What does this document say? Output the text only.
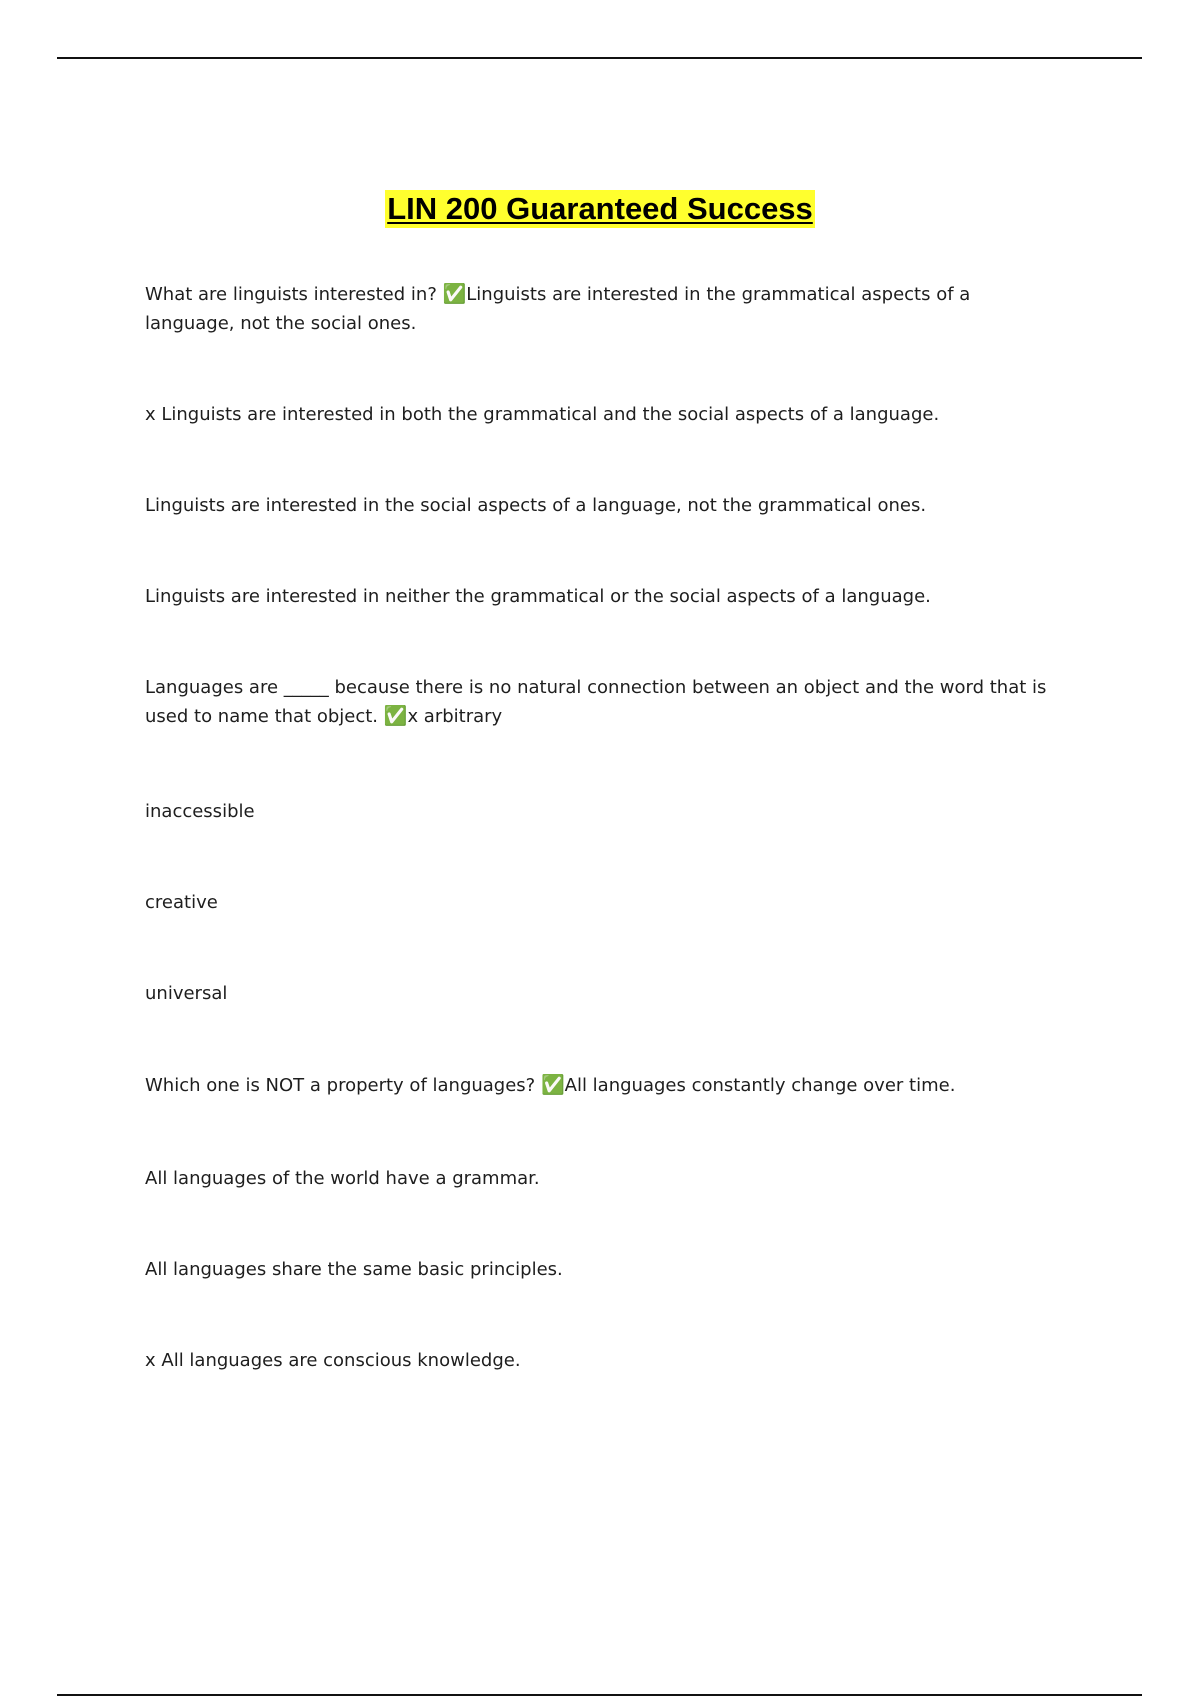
LIN 200 Guaranteed Success
What are linguists interested in? ✅Linguists are interested in the grammatical aspects of a language, not the social ones.
x Linguists are interested in both the grammatical and the social aspects of a language.
Linguists are interested in the social aspects of a language, not the grammatical ones.
Linguists are interested in neither the grammatical or the social aspects of a language.
Languages are _____ because there is no natural connection between an object and the word that is used to name that object. ✅x arbitrary
inaccessible
creative
universal
Which one is NOT a property of languages? ✅All languages constantly change over time.
All languages of the world have a grammar.
All languages share the same basic principles.
x All languages are conscious knowledge.
